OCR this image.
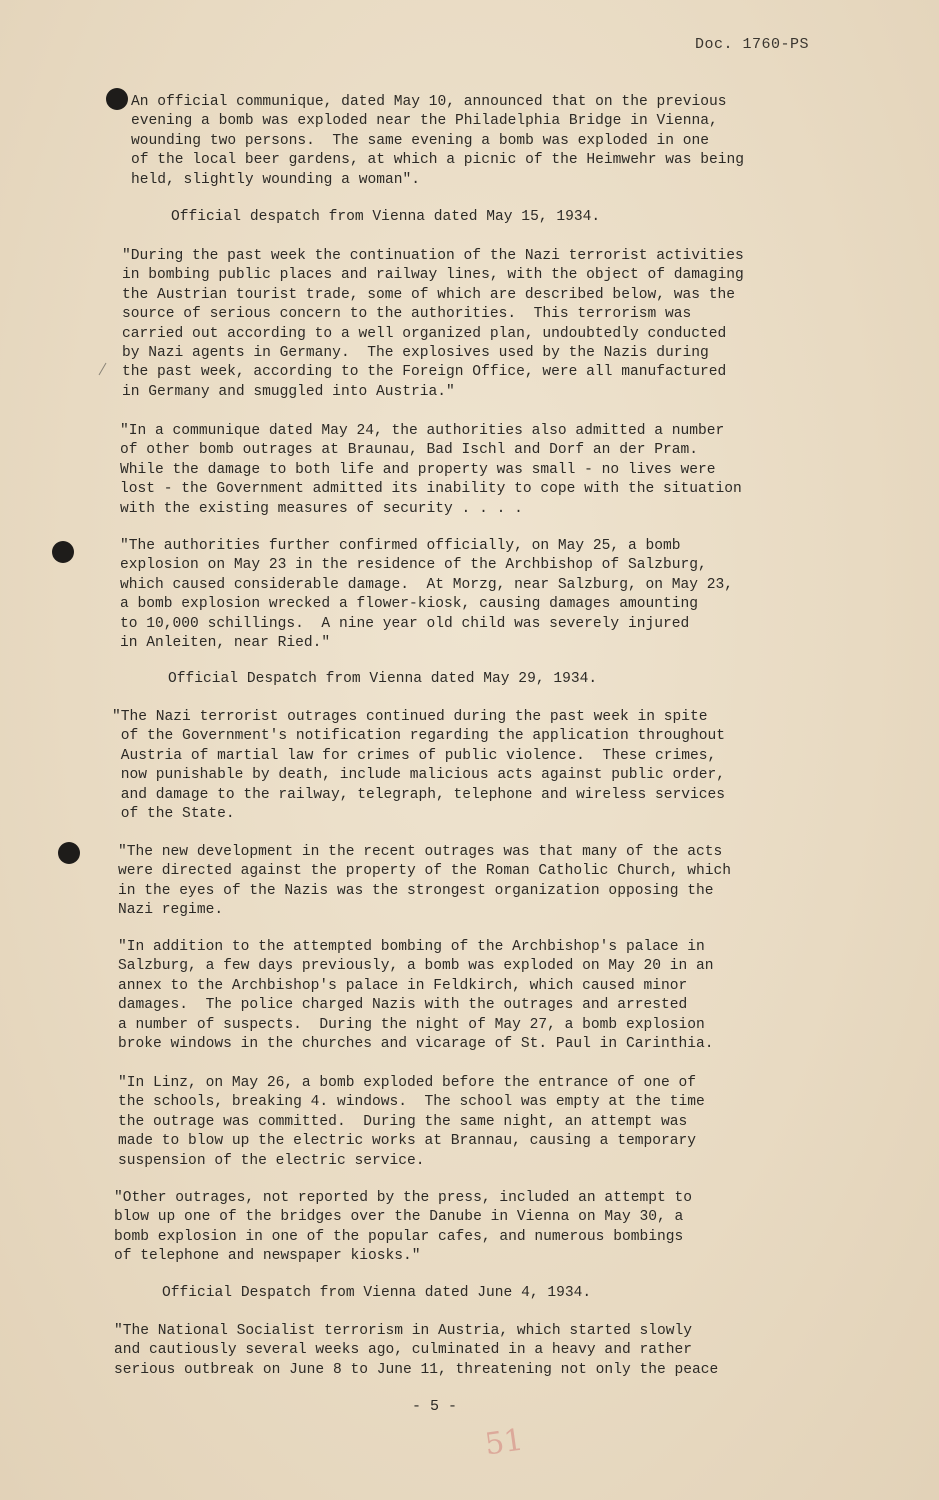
Doc. 1760-PS
An official communique, dated May 10, announced that on the previous
evening a bomb was exploded near the Philadelphia Bridge in Vienna,
wounding two persons.  The same evening a bomb was exploded in one
of the local beer gardens, at which a picnic of the Heimwehr was being
held, slightly wounding a woman".
Official despatch from Vienna dated May 15, 1934.
"During the past week the continuation of the Nazi terrorist activities
in bombing public places and railway lines, with the object of damaging
the Austrian tourist trade, some of which are described below, was the
source of serious concern to the authorities.  This terrorism was
carried out according to a well organized plan, undoubtedly conducted
by Nazi agents in Germany.  The explosives used by the Nazis during
the past week, according to the Foreign Office, were all manufactured
in Germany and smuggled into Austria."
"In a communique dated May 24, the authorities also admitted a number
of other bomb outrages at Braunau, Bad Ischl and Dorf an der Pram.
While the damage to both life and property was small - no lives were
lost - the Government admitted its inability to cope with the situation
with the existing measures of security . . . .
"The authorities further confirmed officially, on May 25, a bomb
explosion on May 23 in the residence of the Archbishop of Salzburg,
which caused considerable damage.  At Morzg, near Salzburg, on May 23,
a bomb explosion wrecked a flower-kiosk, causing damages amounting
to 10,000 schillings.  A nine year old child was severely injured
in Anleiten, near Ried."
Official Despatch from Vienna dated May 29, 1934.
"The Nazi terrorist outrages continued during the past week in spite
of the Government's notification regarding the application throughout
Austria of martial law for crimes of public violence.  These crimes,
now punishable by death, include malicious acts against public order,
and damage to the railway, telegraph, telephone and wireless services
of the State.
"The new development in the recent outrages was that many of the acts
were directed against the property of the Roman Catholic Church, which
in the eyes of the Nazis was the strongest organization opposing the
Nazi regime.
"In addition to the attempted bombing of the Archbishop's palace in
Salzburg, a few days previously, a bomb was exploded on May 20 in an
annex to the Archbishop's palace in Feldkirch, which caused minor
damages.  The police charged Nazis with the outrages and arrested
a number of suspects.  During the night of May 27, a bomb explosion
broke windows in the churches and vicarage of St. Paul in Carinthia.
"In Linz, on May 26, a bomb exploded before the entrance of one of
the schools, breaking 4. windows.  The school was empty at the time
the outrage was committed.  During the same night, an attempt was
made to blow up the electric works at Brannau, causing a temporary
suspension of the electric service.
"Other outrages, not reported by the press, included an attempt to
blow up one of the bridges over the Danube in Vienna on May 30, a
bomb explosion in one of the popular cafes, and numerous bombings
of telephone and newspaper kiosks."
Official Despatch from Vienna dated June 4, 1934.
"The National Socialist terrorism in Austria, which started slowly
and cautiously several weeks ago, culminated in a heavy and rather
serious outbreak on June 8 to June 11, threatening not only the peace
- 5 -
51
